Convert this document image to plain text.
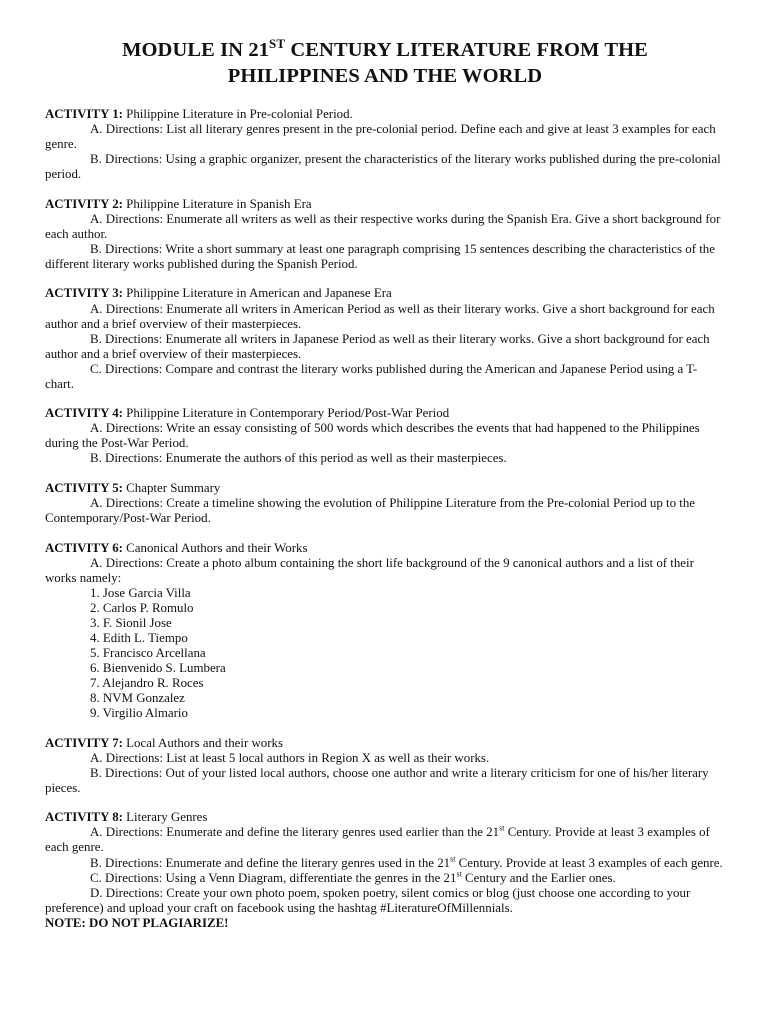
MODULE IN 21ST CENTURY LITERATURE FROM THE
PHILIPPINES AND THE WORLD

ACTIVITY 1: Philippine Literature in Pre-colonial Period.

A. Directions: List all literary genres present in the pre-colonial period. Define each and give at least 3 examples for each genre.

B. Directions: Using a graphic organizer, present the characteristics of the literary works published during the pre-colonial period.

ACTIVITY 2: Philippine Literature in Spanish Era

A. Directions: Enumerate all writers as well as their respective works during the Spanish Era. Give a short background for each author.

B. Directions: Write a short summary at least one paragraph comprising 15 sentences describing the characteristics of the different literary works published during the Spanish Period.

ACTIVITY 3: Philippine Literature in American and Japanese Era

A. Directions: Enumerate all writers in American Period as well as their literary works. Give a short background for each author and a brief overview of their masterpieces.

B. Directions: Enumerate all writers in Japanese Period as well as their literary works. Give a short background for each author and a brief overview of their masterpieces.

C. Directions: Compare and contrast the literary works published during the American and Japanese Period using a T-chart.

ACTIVITY 4: Philippine Literature in Contemporary Period/Post-War Period

A. Directions: Write an essay consisting of 500 words which describes the events that had happened to the Philippines during the Post-War Period.

B. Directions: Enumerate the authors of this period as well as their masterpieces.

ACTIVITY 5: Chapter Summary

A. Directions: Create a timeline showing the evolution of Philippine Literature from the Pre-colonial Period up to the Contemporary/Post-War Period.

ACTIVITY 6: Canonical Authors and their Works

A. Directions: Create a photo album containing the short life background of the 9 canonical authors and a list of their works namely:

1. Jose Garcia Villa
2. Carlos P. Romulo
3. F. Sionil Jose
4. Edith L. Tiempo
5. Francisco Arcellana
6. Bienvenido S. Lumbera
7. Alejandro R. Roces
8. NVM Gonzalez
9. Virgilio Almario

ACTIVITY 7: Local Authors and their works

A. Directions: List at least 5 local authors in Region X as well as their works.

B. Directions: Out of your listed local authors, choose one author and write a literary criticism for one of his/her literary pieces.

ACTIVITY 8: Literary Genres

A. Directions: Enumerate and define the literary genres used earlier than the 21st Century. Provide at least 3 examples of each genre.

B. Directions: Enumerate and define the literary genres used in the 21st Century. Provide at least 3 examples of each genre.

C. Directions: Using a Venn Diagram, differentiate the genres in the 21st Century and the Earlier ones.

D. Directions: Create your own photo poem, spoken poetry, silent comics or blog (just choose one according to your preference) and upload your craft on facebook using the hashtag #LiteratureOfMillennials.

NOTE: DO NOT PLAGIARIZE!
